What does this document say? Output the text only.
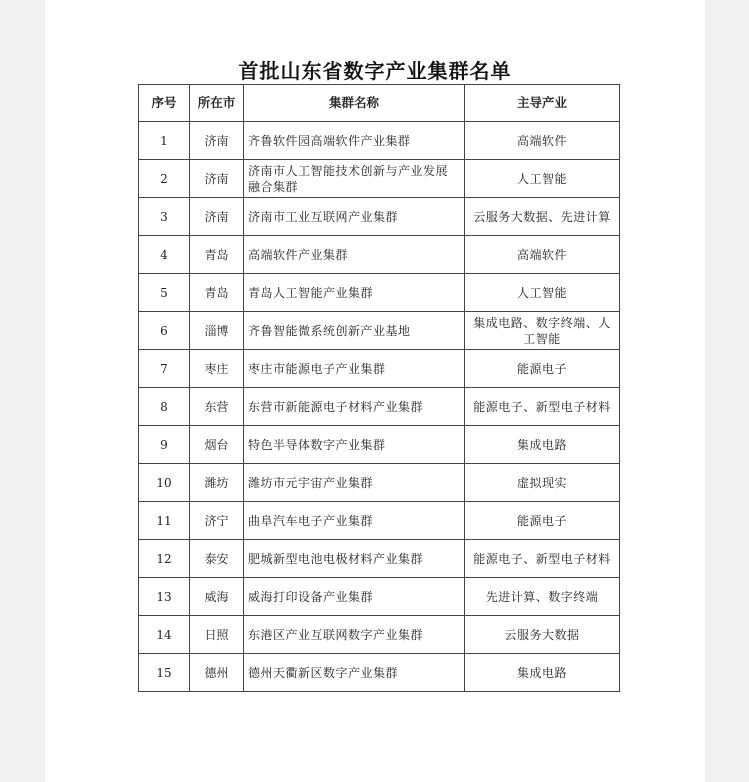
首批山东省数字产业集群名单
序号	所在市	集群名称	主导产业
1	济南	齐鲁软件园高端软件产业集群	高端软件
2	济南	济南市人工智能技术创新与产业发展融合集群	人工智能
3	济南	济南市工业互联网产业集群	云服务大数据、先进计算
4	青岛	高端软件产业集群	高端软件
5	青岛	青岛人工智能产业集群	人工智能
6	淄博	齐鲁智能微系统创新产业基地	集成电路、数字终端、人工智能
7	枣庄	枣庄市能源电子产业集群	能源电子
8	东营	东营市新能源电子材料产业集群	能源电子、新型电子材料
9	烟台	特色半导体数字产业集群	集成电路
10	潍坊	潍坊市元宇宙产业集群	虚拟现实
11	济宁	曲阜汽车电子产业集群	能源电子
12	泰安	肥城新型电池电极材料产业集群	能源电子、新型电子材料
13	威海	威海打印设备产业集群	先进计算、数字终端
14	日照	东港区产业互联网数字产业集群	云服务大数据
15	德州	德州天衢新区数字产业集群	集成电路
